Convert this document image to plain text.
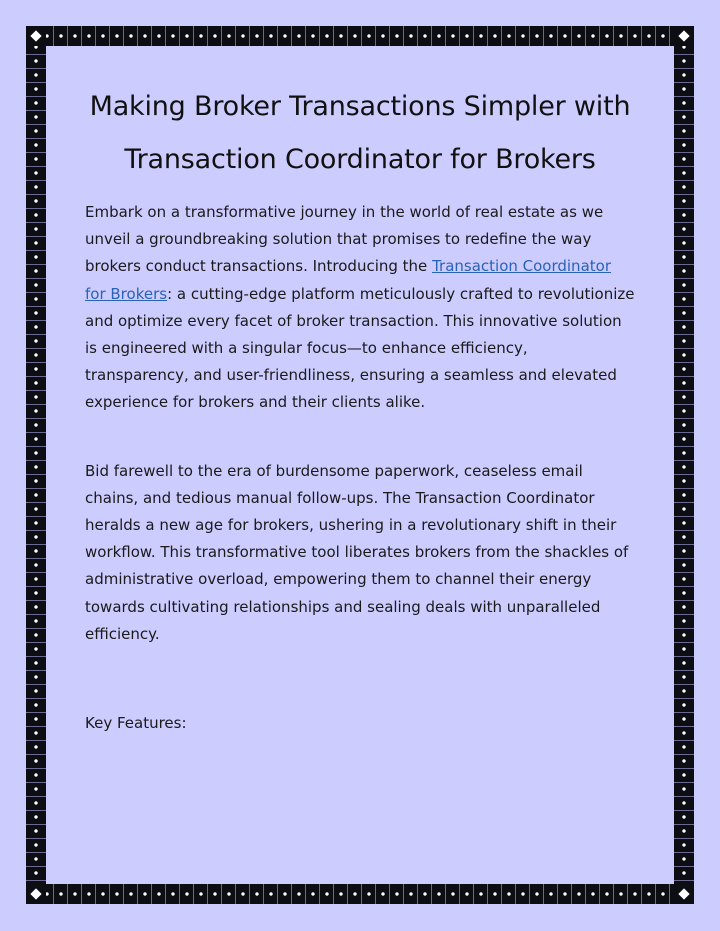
Making Broker Transactions Simpler with Transaction Coordinator for Brokers

Embark on a transformative journey in the world of real estate as we unveil a groundbreaking solution that promises to redefine the way brokers conduct transactions. Introducing the Transaction Coordinator for Brokers: a cutting-edge platform meticulously crafted to revolutionize and optimize every facet of broker transaction. This innovative solution is engineered with a singular focus—to enhance efficiency, transparency, and user-friendliness, ensuring a seamless and elevated experience for brokers and their clients alike.

Bid farewell to the era of burdensome paperwork, ceaseless email chains, and tedious manual follow-ups. The Transaction Coordinator heralds a new age for brokers, ushering in a revolutionary shift in their workflow. This transformative tool liberates brokers from the shackles of administrative overload, empowering them to channel their energy towards cultivating relationships and sealing deals with unparalleled efficiency.

Key Features:
